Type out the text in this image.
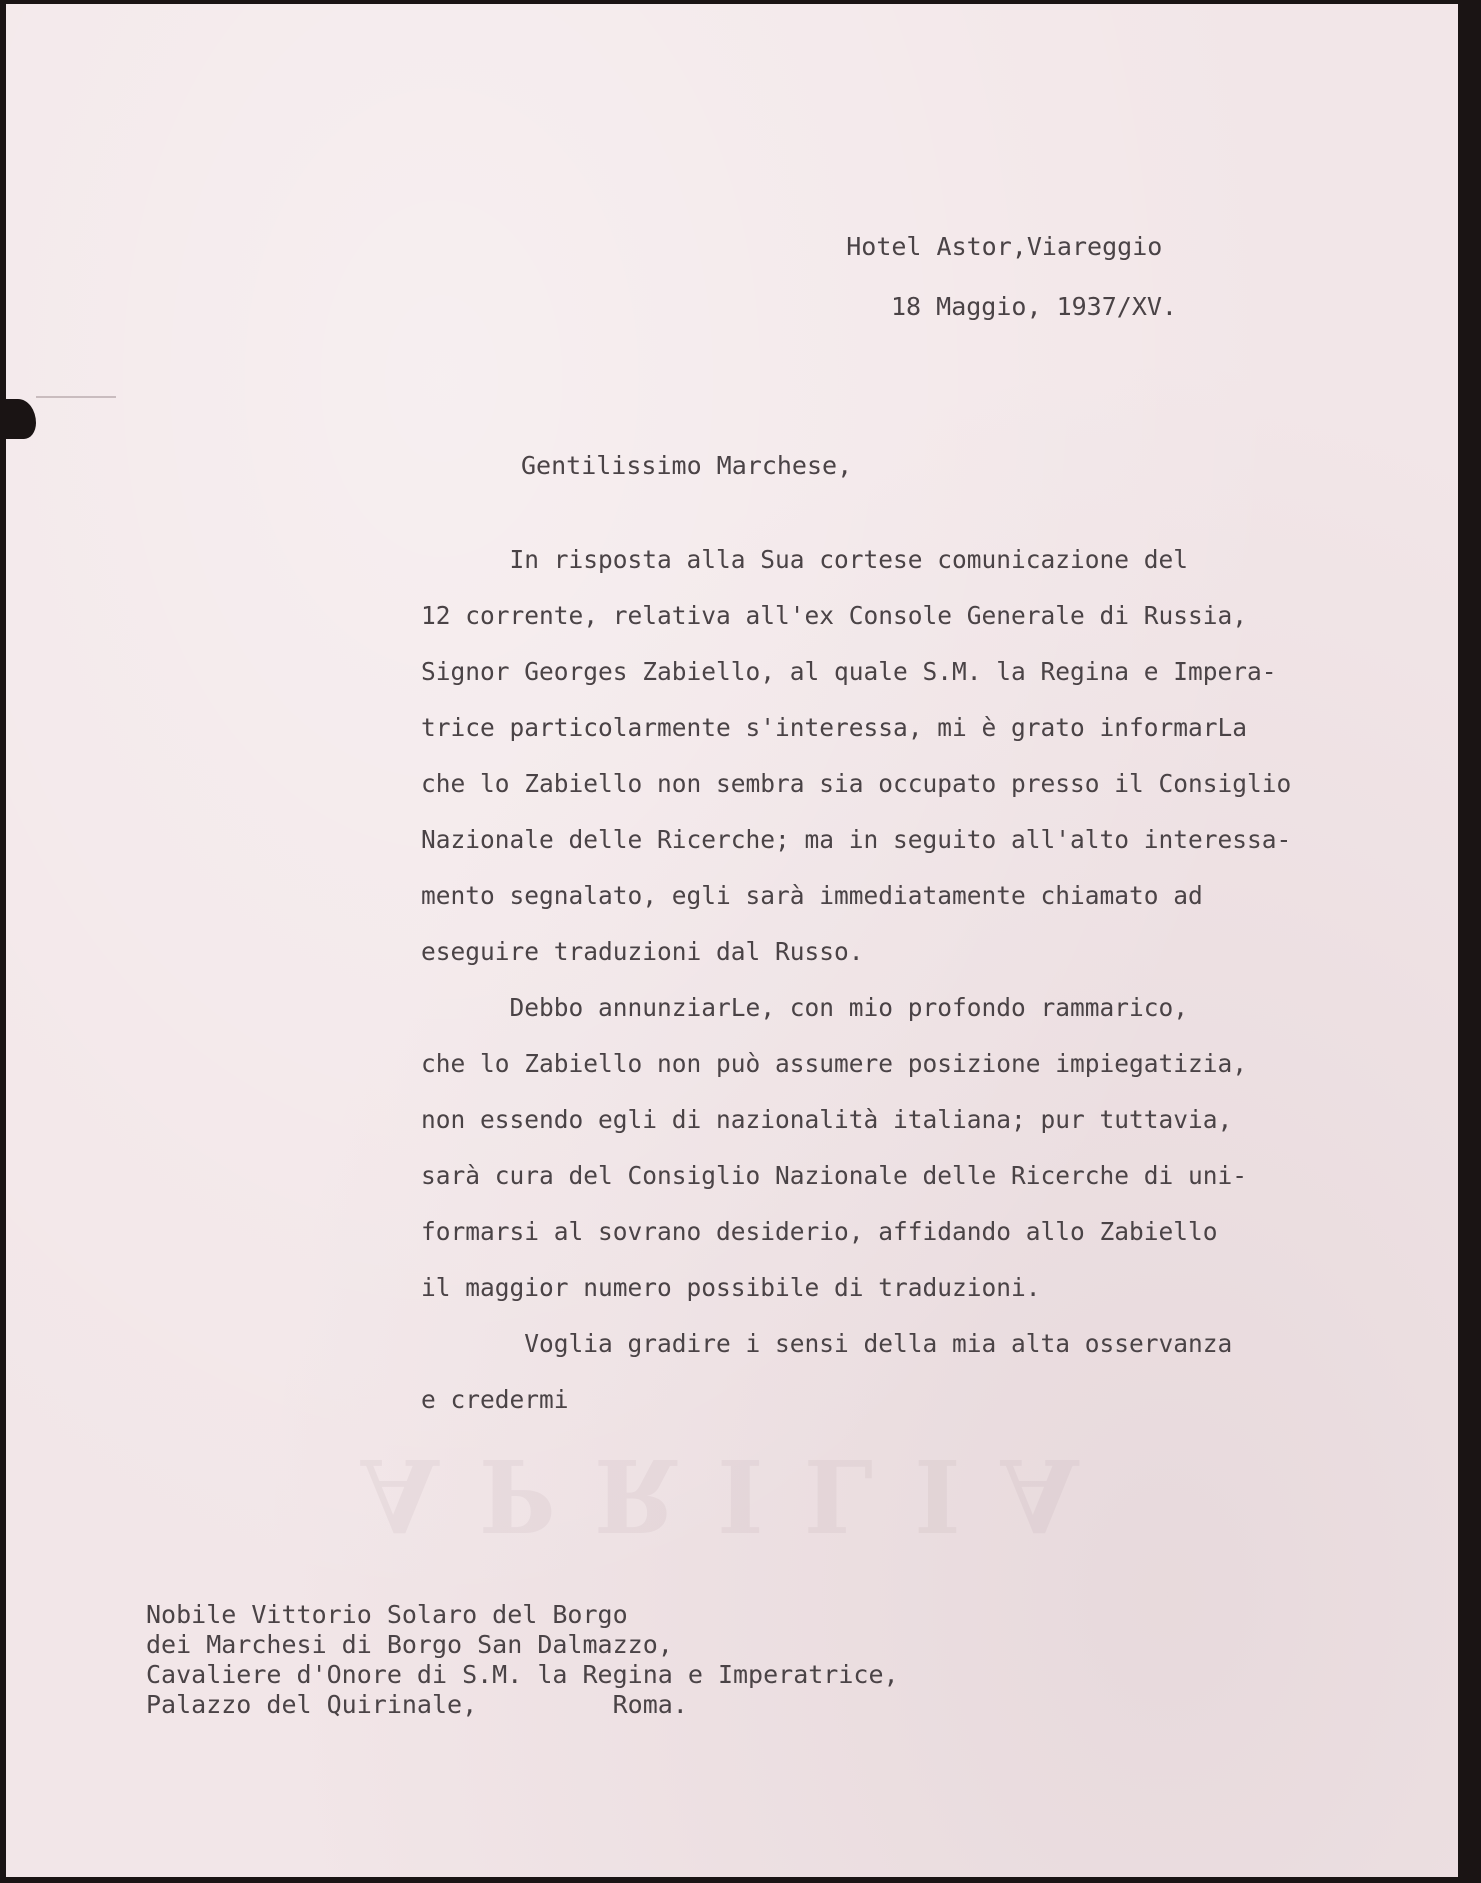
Hotel Astor,Viareggio

18 Maggio, 1937/XV.

Gentilissimo Marchese,
In risposta alla Sua cortese comunicazione del
12 corrente, relativa all'ex Console Generale di Russia,
Signor Georges Zabiello, al quale S.M. la Regina e Impera-
trice particolarmente s'interessa, mi è grato informarLa
che lo Zabiello non sembra sia occupato presso il Consiglio
Nazionale delle Ricerche; ma in seguito all'alto interessa-
mento segnalato, egli sarà immediatamente chiamato ad
eseguire traduzioni dal Russo.
Debbo annunziarLe, con mio profondo rammarico,
che lo Zabiello non può assumere posizione impiegatizia,
non essendo egli di nazionalità italiana; pur tuttavia,
sarà cura del Consiglio Nazionale delle Ricerche di uni-
formarsi al sovrano desiderio, affidando allo Zabiello
il maggior numero possibile di traduzioni.
Voglia gradire i sensi della mia alta osservanza
e credermi
APRILIA
Nobile Vittorio Solaro del Borgo
dei Marchesi di Borgo San Dalmazzo,
Cavaliere d'Onore di S.M. la Regina e Imperatrice,
Palazzo del Quirinale,         Roma.
